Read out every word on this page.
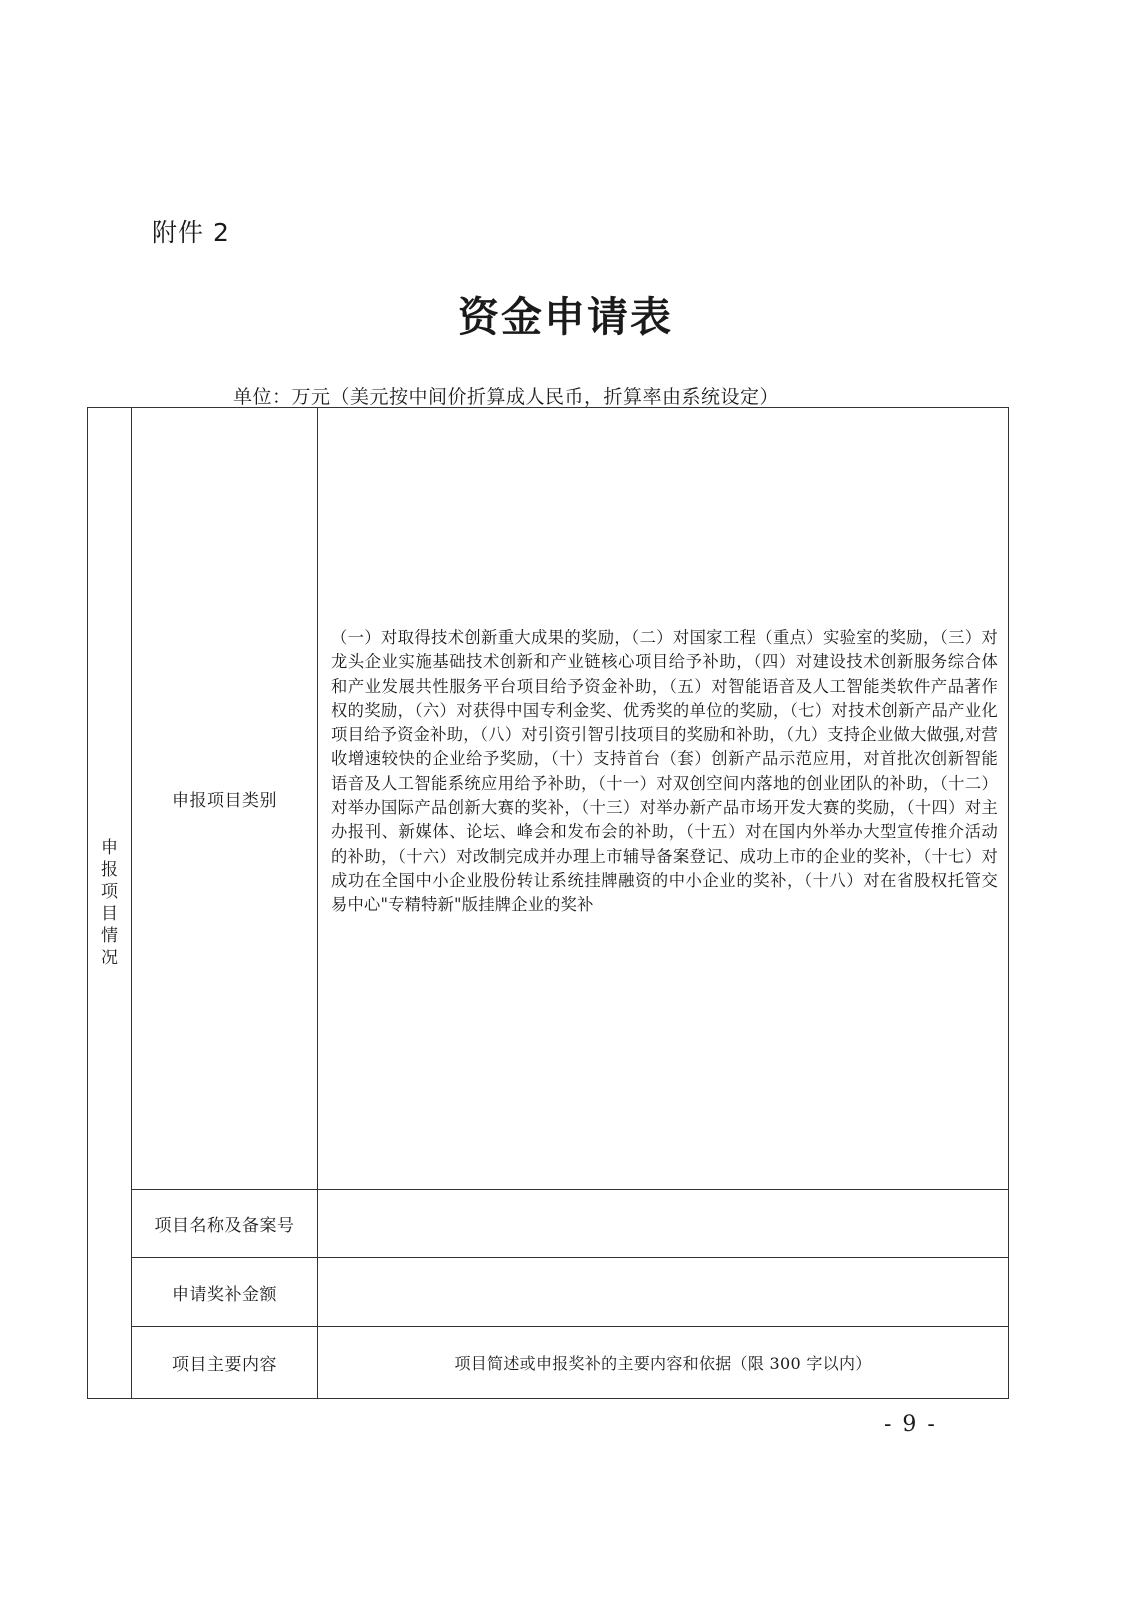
附件 2
资金申请表
单位：万元（美元按中间价折算成人民币，折算率由系统设定）
申报项目情况	申报项目类别	（一）对取得技术创新重大成果的奖励，（二）对国家工程（重点）实验室的奖励，（三）对龙头企业实施基础技术创新和产业链核心项目给予补助，（四）对建设技术创新服务综合体和产业发展共性服务平台项目给予资金补助，（五）对智能语音及人工智能类软件产品著作权的奖励，（六）对获得中国专利金奖、优秀奖的单位的奖励，（七）对技术创新产品产业化项目给予资金补助，（八）对引资引智引技项目的奖励和补助，（九）支持企业做大做强,对营收增速较快的企业给予奖励，（十）支持首台（套）创新产品示范应用，对首批次创新智能语音及人工智能系统应用给予补助，（十一）对双创空间内落地的创业团队的补助，（十二）对举办国际产品创新大赛的奖补，（十三）对举办新产品市场开发大赛的奖励，（十四）对主办报刊、新媒体、论坛、峰会和发布会的补助，（十五）对在国内外举办大型宣传推介活动的补助，（十六）对改制完成并办理上市辅导备案登记、成功上市的企业的奖补，（十七）对成功在全国中小企业股份转让系统挂牌融资的中小企业的奖补，（十八）对在省股权托管交易中心"专精特新"版挂牌企业的奖补

	项目名称及备案号	
	申请奖补金额	
	项目主要内容	项目简述或申报奖补的主要内容和依据（限 300 字以内）
- 9 -
